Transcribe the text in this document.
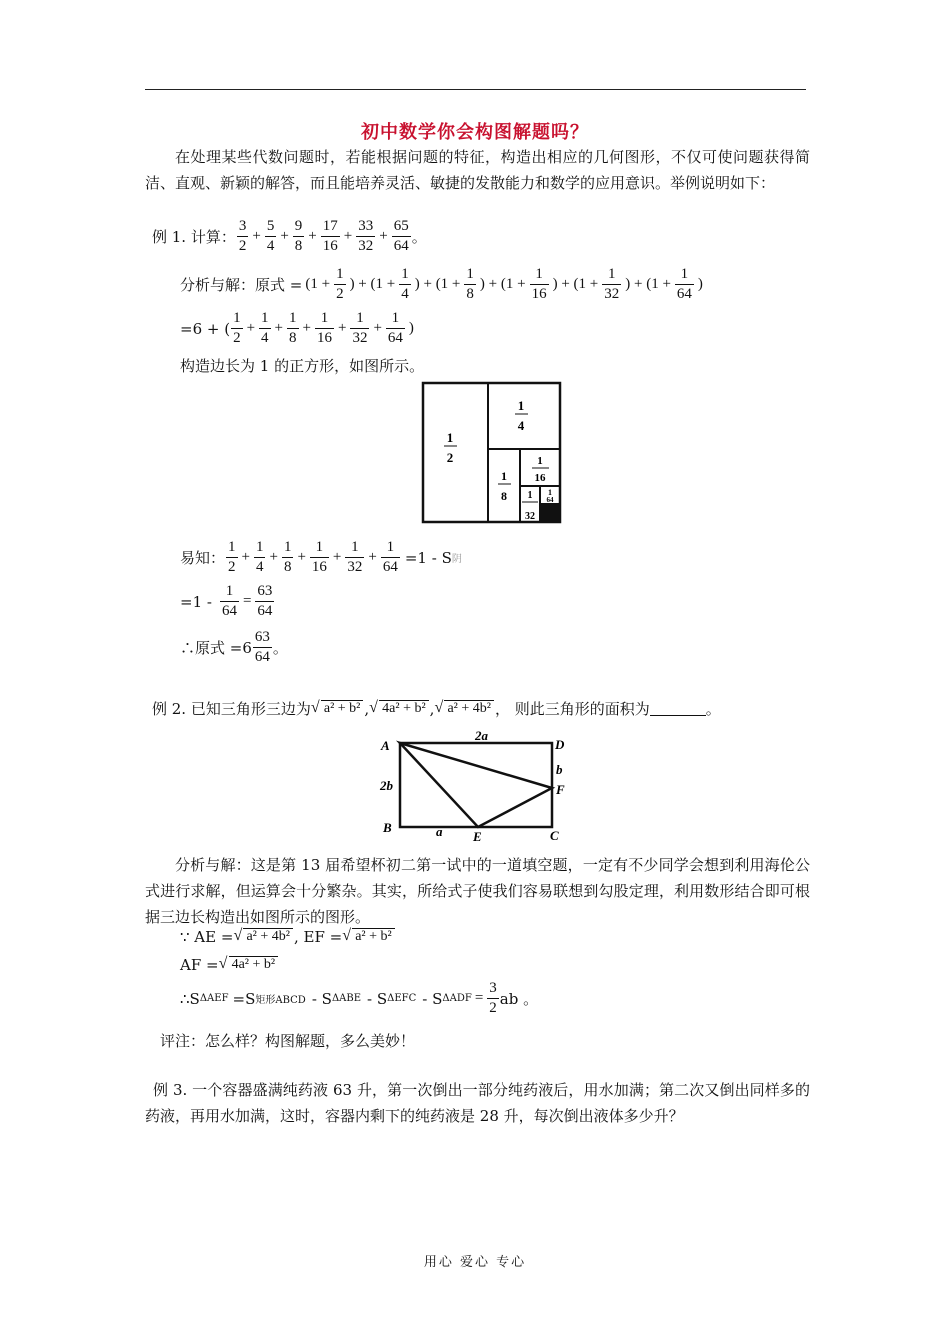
初中数学你会构图解题吗？
在处理某些代数问题时，若能根据问题的特征，构造出相应的几何图形，不仅可使问题获得简洁、直观、新颖的解答，而且能培养灵活、敏捷的发散能力和数学的应用意识。举例说明如下：
例 1. 计算： $\frac{3}{2} + \frac{5}{4} + \frac{9}{8} + \frac{17}{16} + \frac{33}{32} + \frac{65}{64}$ 。
分析与解：原式 = ($1 + \frac{1}{2}$ ) + ($1 + \frac{1}{4}$ ) + ($1 + \frac{1}{8}$ ) + ($1 + \frac{1}{16}$ ) + ($1 + \frac{1}{32}$ ) + ($1 + \frac{1}{64}$ )
=6 + ( $\frac{1}{2} + \frac{1}{4} + \frac{1}{8} + \frac{1}{16} + \frac{1}{32} + \frac{1}{64}$ )
构造边长为 1 的正方形，如图所示。
1
2
1
4
1
8
1
16
1
32
1
64
易知： $\frac{1}{2} + \frac{1}{4} + \frac{1}{8} + \frac{1}{16} + \frac{1}{32} + \frac{1}{64} =1 - S$ 阴
$=1 - \frac{1}{64} = \frac{63}{64}$
∴原式 $=6 \frac{63}{64}$ 。
例 2. 已知三角形三边为 √ a² + b² , √ 4a² + b² , √ a² + 4b² ， 则此三角形的面积为	。
A
B
C
D
E
F
2a
2b
b
a
分析与解：这是第 13 届希望杯初二第一试中的一道填空题，一定有不少同学会想到利用海伦公式进行求解，但运算会十分繁杂。其实，所给式子使我们容易联想到勾股定理，利用数形结合即可根据三边长构造出如图所示的图形。
∵ AE = √ a² + 4b² , EF = √ a² + b²
AF = √ 4a² + b²
∴S ΔAEF =S 矩形ABCD - S ΔABE - S ΔEFC - S $\Delta ADF = \frac{3}{2}$ ab 。
评注：怎么样？构图解题，多么美妙！
例 3. 一个容器盛满纯药液 63 升，第一次倒出一部分纯药液后，用水加满；第二次又倒出同样多的药液，再用水加满，这时，容器内剩下的纯药液是 28 升，每次倒出液体多少升？
用心 爱心 专心
